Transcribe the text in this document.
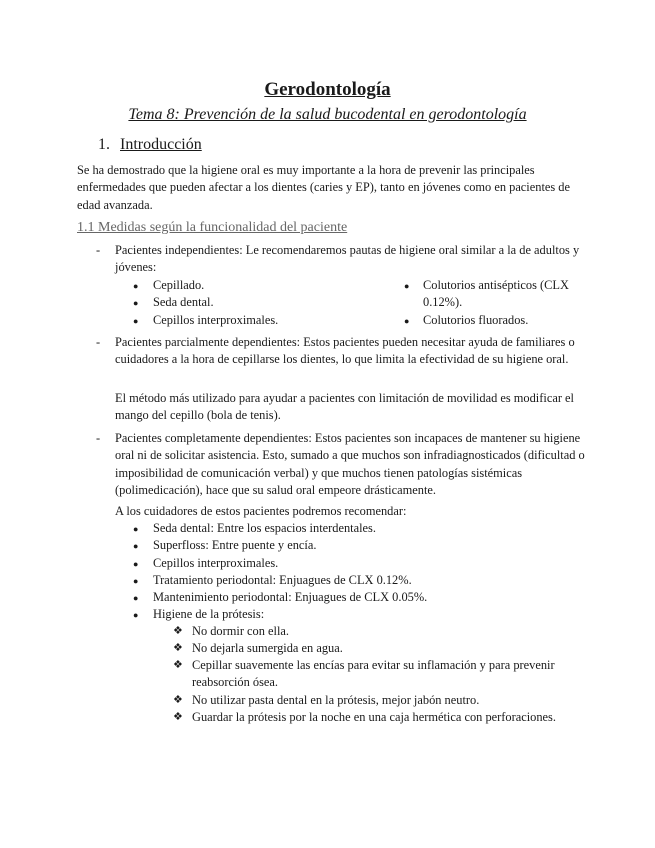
Gerodontología
Tema 8: Prevención de la salud bucodental en gerodontología
1. Introducción
Se ha demostrado que la higiene oral es muy importante a la hora de prevenir las principales enfermedades que pueden afectar a los dientes (caries y EP), tanto en jóvenes como en pacientes de edad avanzada.
1.1 Medidas según la funcionalidad del paciente
-	Pacientes independientes: Le recomendaremos pautas de higiene oral similar a la de adultos y jóvenes:
●	Cepillado.
●	Seda dental.
●	Cepillos interproximales.
●	Colutorios antisépticos (CLX 0.12%).
●	Colutorios fluorados.
-	Pacientes parcialmente dependientes: Estos pacientes pueden necesitar ayuda de familiares o cuidadores a la hora de cepillarse los dientes, lo que limita la efectividad de su higiene oral.
El método más utilizado para ayudar a pacientes con limitación de movilidad es modificar el mango del cepillo (bola de tenis).
-	Pacientes completamente dependientes: Estos pacientes son incapaces de mantener su higiene oral ni de solicitar asistencia. Esto, sumado a que muchos son infradiagnosticados (dificultad o imposibilidad de comunicación verbal) y que muchos tienen patologías sistémicas (polimedicación), hace que su salud oral empeore drásticamente.
A los cuidadores de estos pacientes podremos recomendar:
●	Seda dental: Entre los espacios interdentales.
●	Superfloss: Entre puente y encía.
●	Cepillos interproximales.
●	Tratamiento periodontal: Enjuagues de CLX 0.12%.
●	Mantenimiento periodontal: Enjuagues de CLX 0.05%.
●	Higiene de la prótesis:
❖ No dormir con ella.
❖ No dejarla sumergida en agua.
❖ Cepillar suavemente las encías para evitar su inflamación y para prevenir reabsorción ósea.
❖ No utilizar pasta dental en la prótesis, mejor jabón neutro.
❖ Guardar la prótesis por la noche en una caja hermética con perforaciones.
